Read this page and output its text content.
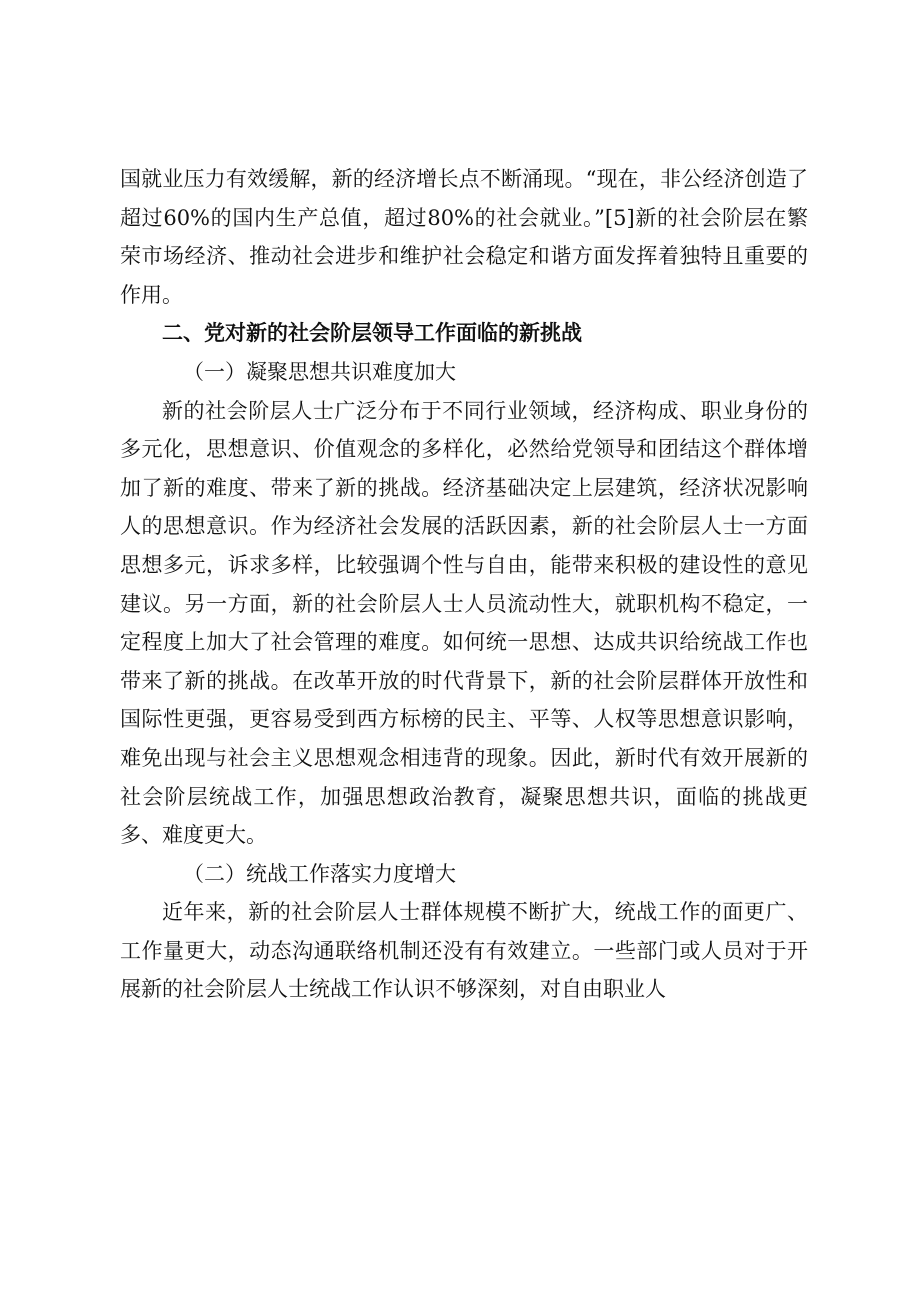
国就业压力有效缓解，新的经济增长点不断涌现。“现在，非公经济创造了超过60%的国内生产总值，超过80%的社会就业。”[5]新的社会阶层在繁荣市场经济、推动社会进步和维护社会稳定和谐方面发挥着独特且重要的作用。

二、党对新的社会阶层领导工作面临的新挑战

（一）凝聚思想共识难度加大

新的社会阶层人士广泛分布于不同行业领域，经济构成、职业身份的多元化，思想意识、价值观念的多样化，必然给党领导和团结这个群体增加了新的难度、带来了新的挑战。经济基础决定上层建筑，经济状况影响人的思想意识。作为经济社会发展的活跃因素，新的社会阶层人士一方面思想多元，诉求多样，比较强调个性与自由，能带来积极的建设性的意见建议。另一方面，新的社会阶层人士人员流动性大，就职机构不稳定，一定程度上加大了社会管理的难度。如何统一思想、达成共识给统战工作也带来了新的挑战。在改革开放的时代背景下，新的社会阶层群体开放性和国际性更强，更容易受到西方标榜的民主、平等、人权等思想意识影响，难免出现与社会主义思想观念相违背的现象。因此，新时代有效开展新的社会阶层统战工作，加强思想政治教育，凝聚思想共识，面临的挑战更多、难度更大。

（二）统战工作落实力度增大

近年来，新的社会阶层人士群体规模不断扩大，统战工作的面更广、工作量更大，动态沟通联络机制还没有有效建立。一些部门或人员对于开展新的社会阶层人士统战工作认识不够深刻，对自由职业人
